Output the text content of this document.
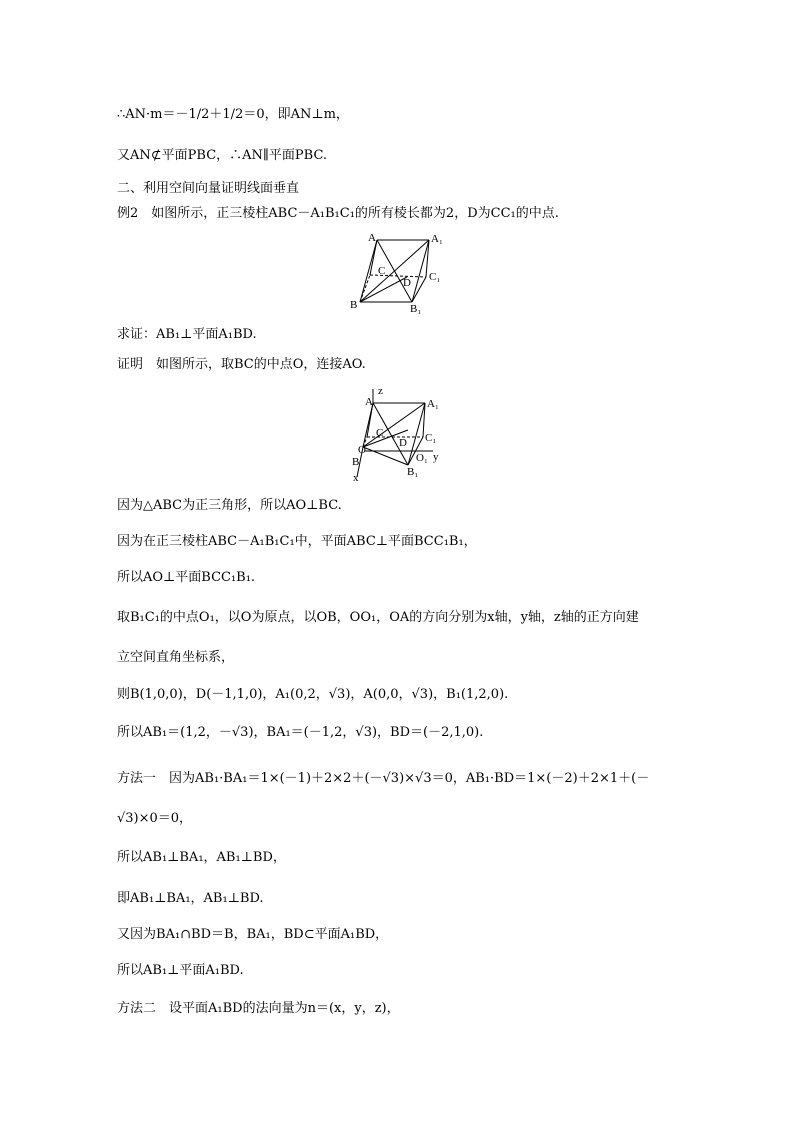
∴AN·m＝－1/2＋1/2＝0，即AN⊥m，
又AN⊄平面PBC，∴AN∥平面PBC.
二、利用空间向量证明线面垂直
例2　如图所示，正三棱柱ABC－A₁B₁C₁的所有棱长都为2，D为CC₁的中点.
A	A₁
C	C₁
D
B	B₁
求证：AB₁⊥平面A₁BD.
证明　如图所示，取BC的中点O，连接AO.
z
A	A₁
C	C₁
D
O
B	O₁ y
B₁
x
因为△ABC为正三角形，所以AO⊥BC.
因为在正三棱柱ABC－A₁B₁C₁中，平面ABC⊥平面BCC₁B₁，
所以AO⊥平面BCC₁B₁.
取B₁C₁的中点O₁，以O为原点，以OB，OO₁，OA的方向分别为x轴，y轴，z轴的正方向建
立空间直角坐标系，
则B(1,0,0)，D(－1,1,0)，A₁(0,2，√3)，A(0,0，√3)，B₁(1,2,0).
所以AB₁＝(1,2，－√3)，BA₁＝(－1,2，√3)，BD＝(－2,1,0).
方法一　因为AB₁·BA₁＝1×(－1)＋2×2＋(－√3)×√3＝0，AB₁·BD＝1×(－2)＋2×1＋(－
√3)×0＝0，
所以AB₁⊥BA₁，AB₁⊥BD，
即AB₁⊥BA₁，AB₁⊥BD.
又因为BA₁∩BD＝B，BA₁，BD⊂平面A₁BD，
所以AB₁⊥平面A₁BD.
方法二　设平面A₁BD的法向量为n＝(x，y，z)，
